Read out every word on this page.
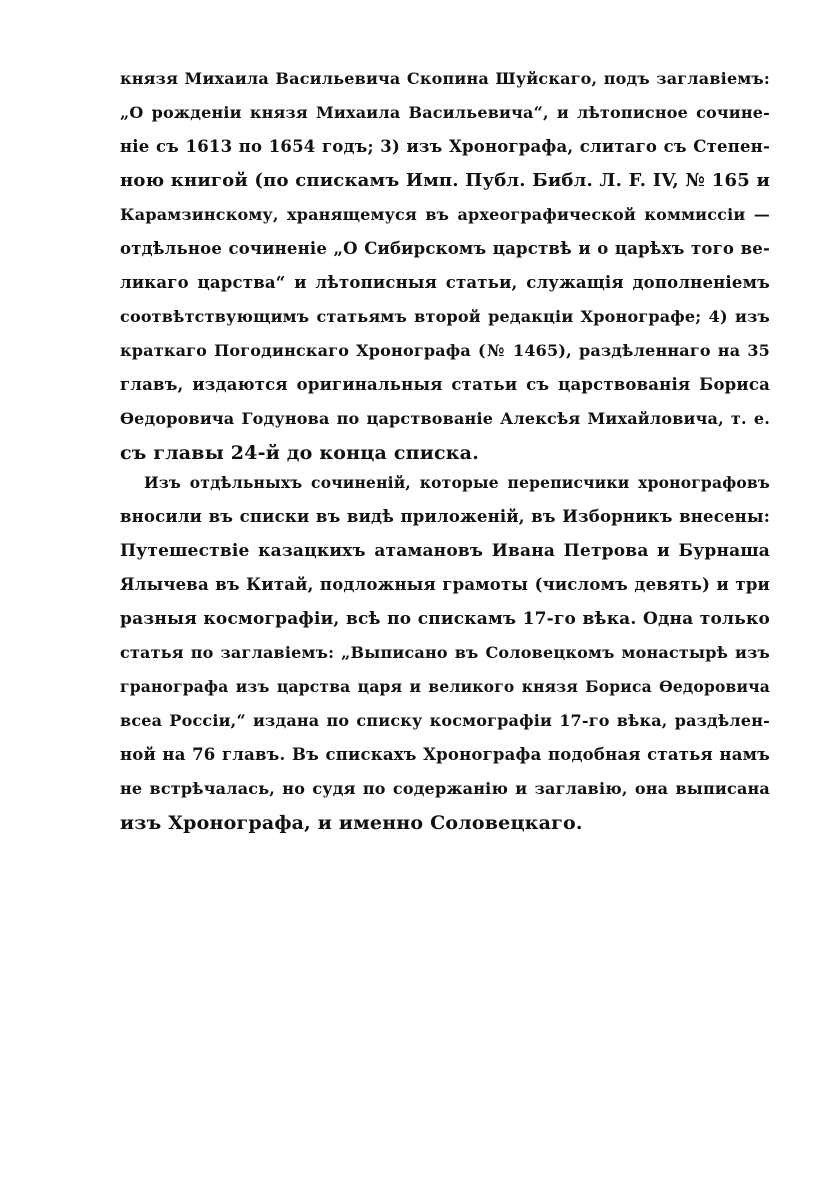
князя Михаила Васильевича Скопина Шуйскаго, подъ заглавіемъ:
„О рожденіи князя Михаила Васильевича“, и лѣтописное сочине-
ніе съ 1613 по 1654 годъ; 3) изъ Хронографа, слитаго съ Степен-
ною книгой (по спискамъ Имп. Публ. Библ. Л. F. IV, № 165 и
Карамзинскому, хранящемуся въ археографической коммиссіи —
отдѣльное сочиненіе „О Сибирскомъ царствѣ и о царѣхъ того ве-
ликаго царства“ и лѣтописныя статьи, служащія дополненіемъ
соотвѣтствующимъ статьямъ второй редакціи Хронографе; 4) изъ
краткаго Погодинскаго Хронографа (№ 1465), раздѣленнаго на 35
главъ, издаются оригинальныя статьи съ царствованія Бориса
Ѳедоровича Годунова по царствованіе Алексѣя Михайловича, т. е.
съ главы 24-й до конца списка.
Изъ отдѣльныхъ сочиненій, которые переписчики хронографовъ
вносили въ списки въ видѣ приложеній, въ Изборникъ внесены:
Путешествіе казацкихъ атамановъ Ивана Петрова и Бурнаша
Ялычева въ Китай, подложныя грамоты (числомъ девять) и три
разныя космографіи, всѣ по спискамъ 17-го вѣка. Одна только
статья по заглавіемъ: „Выписано въ Соловецкомъ монастырѣ изъ
гранографа изъ царства царя и великого князя Бориса Ѳедоровича
всеа Россіи,“ издана по списку космографіи 17-го вѣка, раздѣлен-
ной на 76 главъ. Въ спискахъ Хронографа подобная статья намъ
не встрѣчалась, но судя по содержанію и заглавію, она выписана
изъ Хронографа, и именно Соловецкаго.
